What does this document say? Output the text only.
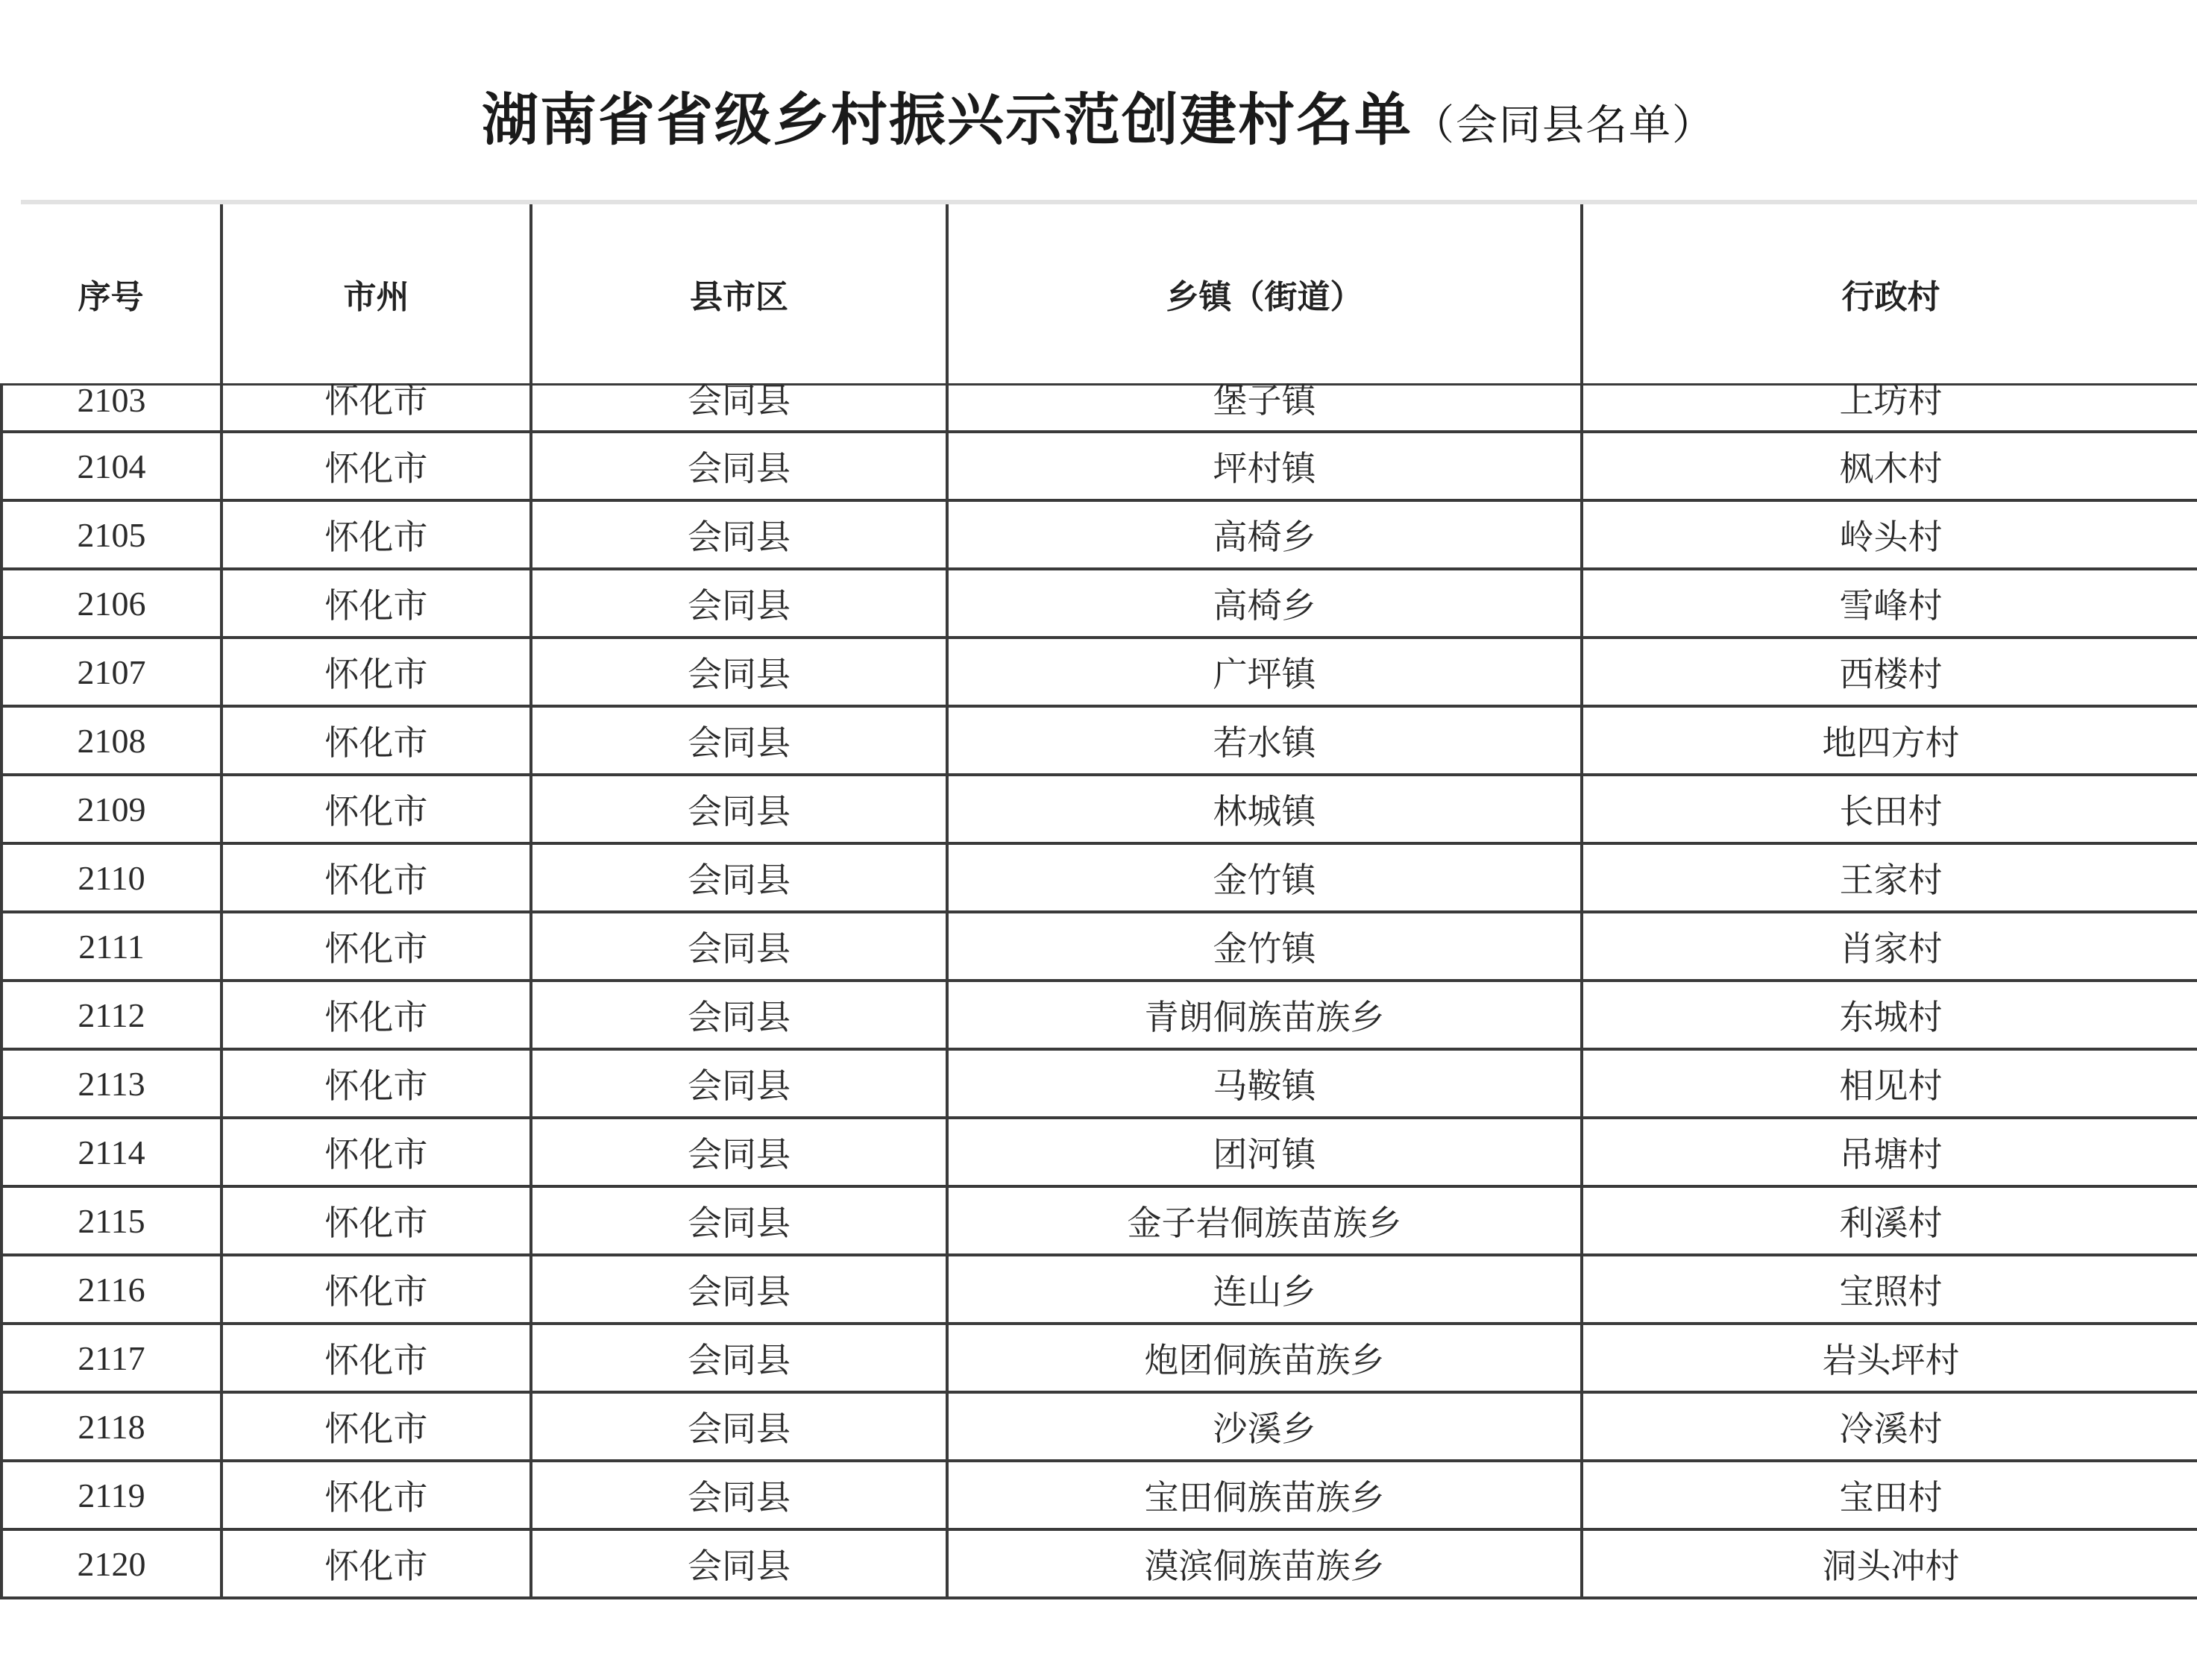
湖南省省级乡村振兴示范创建村名单（会同县名单）
序号	市州	县市区	乡镇（街道）	行政村
2103	怀化市	会同县	堡子镇	上坊村
2104	怀化市	会同县	坪村镇	枫木村
2105	怀化市	会同县	高椅乡	岭头村
2106	怀化市	会同县	高椅乡	雪峰村
2107	怀化市	会同县	广坪镇	西楼村
2108	怀化市	会同县	若水镇	地四方村
2109	怀化市	会同县	林城镇	长田村
2110	怀化市	会同县	金竹镇	王家村
2111	怀化市	会同县	金竹镇	肖家村
2112	怀化市	会同县	青朗侗族苗族乡	东城村
2113	怀化市	会同县	马鞍镇	相见村
2114	怀化市	会同县	团河镇	吊塘村
2115	怀化市	会同县	金子岩侗族苗族乡	利溪村
2116	怀化市	会同县	连山乡	宝照村
2117	怀化市	会同县	炮团侗族苗族乡	岩头坪村
2118	怀化市	会同县	沙溪乡	冷溪村
2119	怀化市	会同县	宝田侗族苗族乡	宝田村
2120	怀化市	会同县	漠滨侗族苗族乡	洞头冲村
